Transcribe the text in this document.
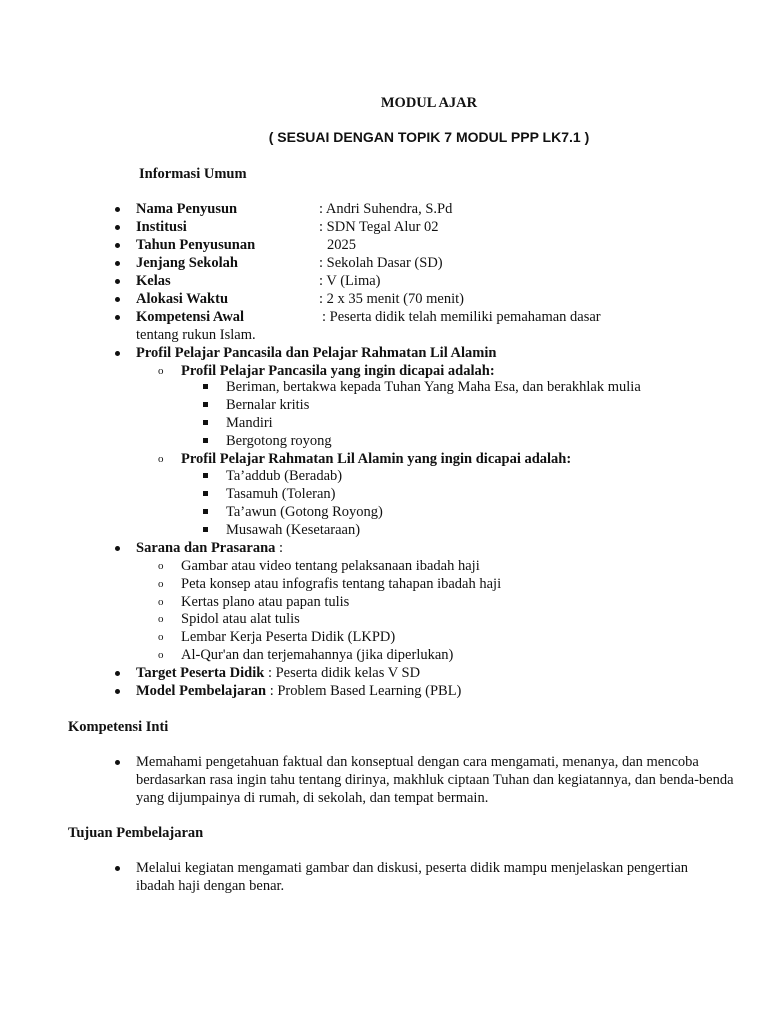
MODUL AJAR
( SESUAI DENGAN TOPIK 7 MODUL PPP LK7.1 )
Informasi Umum
Nama Penyusun	: Andri Suhendra, S.Pd
Institusi	: SDN Tegal Alur 02
Tahun Penyusunan	2025
Jenjang Sekolah	: Sekolah Dasar (SD)
Kelas	: V (Lima)
Alokasi Waktu	: 2 x 35 menit (70 menit)
Kompetensi Awal	: Peserta didik telah memiliki pemahaman dasar
tentang rukun Islam.
Profil Pelajar Pancasila dan Pelajar Rahmatan Lil Alamin
o Profil Pelajar Pancasila yang ingin dicapai adalah:
Beriman, bertakwa kepada Tuhan Yang Maha Esa, dan berakhlak mulia
Bernalar kritis
Mandiri
Bergotong royong
o Profil Pelajar Rahmatan Lil Alamin yang ingin dicapai adalah:
Ta’addub (Beradab)
Tasamuh (Toleran)
Ta’awun (Gotong Royong)
Musawah (Kesetaraan)
Sarana dan Prasarana :
o Gambar atau video tentang pelaksanaan ibadah haji
o Peta konsep atau infografis tentang tahapan ibadah haji
o Kertas plano atau papan tulis
o Spidol atau alat tulis
o Lembar Kerja Peserta Didik (LKPD)
o Al-Qur'an dan terjemahannya (jika diperlukan)
Target Peserta Didik : Peserta didik kelas V SD
Model Pembelajaran : Problem Based Learning (PBL)
Kompetensi Inti
Memahami pengetahuan faktual dan konseptual dengan cara mengamati, menanya, dan mencoba
berdasarkan rasa ingin tahu tentang dirinya, makhluk ciptaan Tuhan dan kegiatannya, dan benda-benda
yang dijumpainya di rumah, di sekolah, dan tempat bermain.
Tujuan Pembelajaran
Melalui kegiatan mengamati gambar dan diskusi, peserta didik mampu menjelaskan pengertian
ibadah haji dengan benar.
